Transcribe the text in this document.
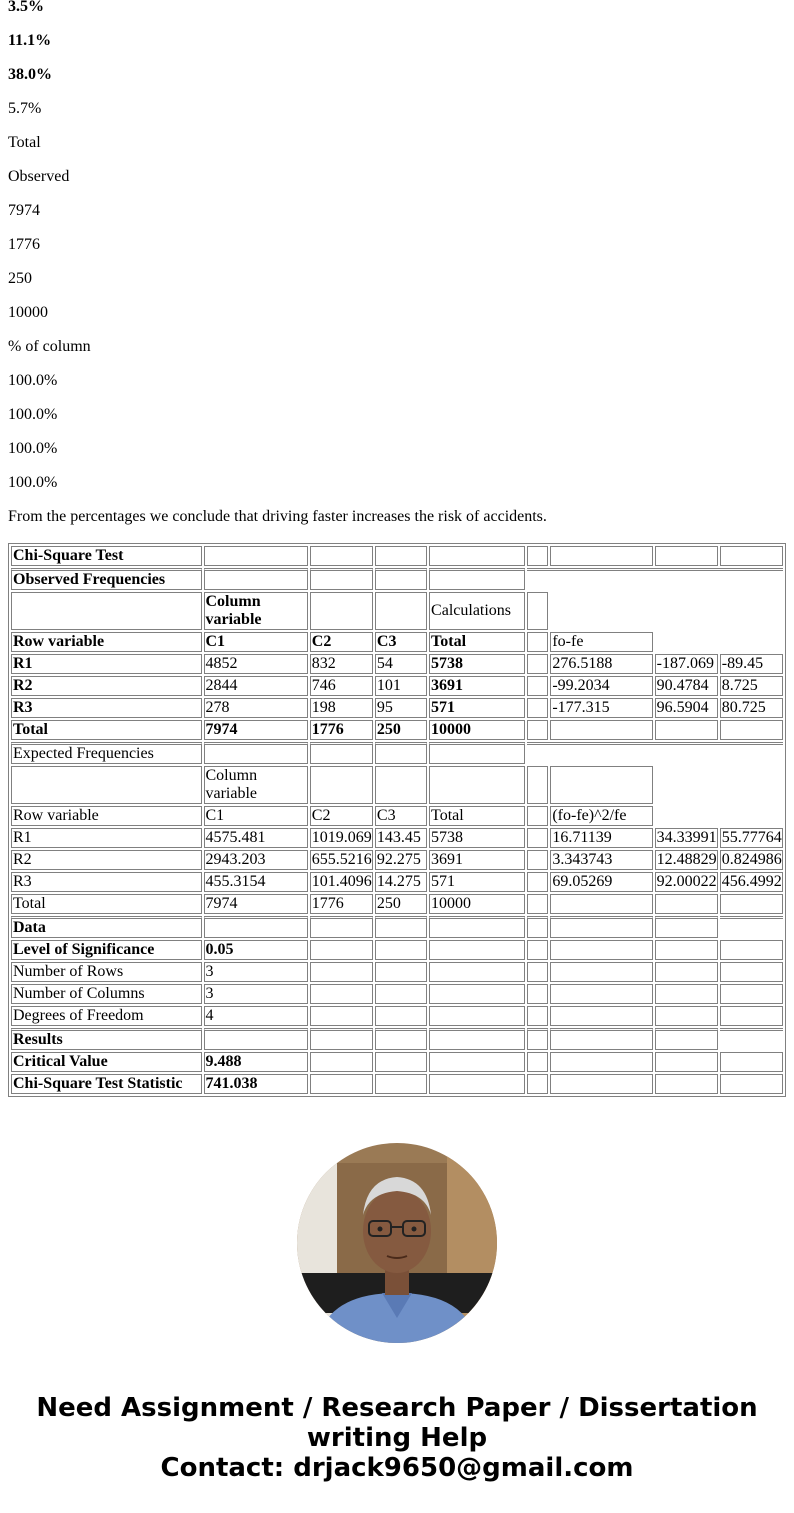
3.5%

11.1%

38.0%

5.7%

Total

Observed

7974

1776

250

10000

% of column

100.0%

100.0%

100.0%

100.0%

From the percentages we conclude that driving faster increases the risk of accidents.
Chi-Square Test								
Observed Frequencies								
	Column variable			Calculations				
Row variable	C1	C2	C3	Total		fo-fe		
R1	4852	832	54	5738		276.5188	-187.069	-89.45
R2	2844	746	101	3691		-99.2034	90.4784	8.725
R3	278	198	95	571		-177.315	96.5904	80.725
Total	7974	1776	250	10000				
Expected Frequencies								
	Column variable							
Row variable	C1	C2	C3	Total		(fo-fe)^2/fe		
R1	4575.481	1019.069	143.45	5738		16.71139	34.33991	55.77764
R2	2943.203	655.5216	92.275	3691		3.343743	12.48829	0.824986
R3	455.3154	101.4096	14.275	571		69.05269	92.00022	456.4992
Total	7974	1776	250	10000				
Data								
Level of Significance	0.05							
Number of Rows	3							
Number of Columns	3							
Degrees of Freedom	4							
Results								
Critical Value	9.488							
Chi-Square Test Statistic	741.038							
Need Assignment / Research Paper / Dissertation
writing Help
Contact: drjack9650@gmail.com
